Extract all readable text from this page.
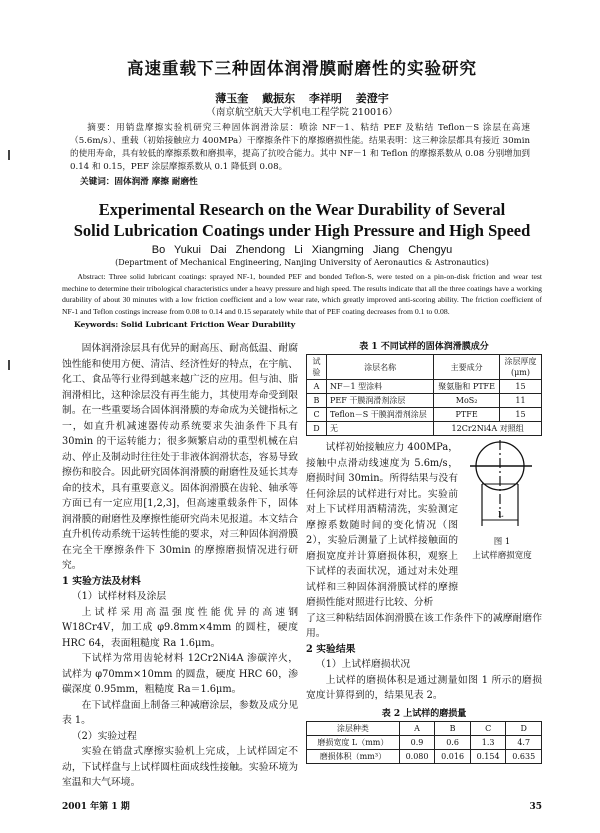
高速重载下三种固体润滑膜耐磨性的实验研究
薄玉奎 戴振东 李祥明 姜澄宇
（南京航空航天大学机电工程学院 210016）
摘要：用销盘摩擦实验机研究三种固体润滑涂层：喷涂 NF－1、粘结 PEF 及粘结 Teflon－S 涂层在高速（5.6m/s）、重载（初始接触应力 400MPa）干摩擦条件下的摩擦磨损性能。结果表明：这三种涂层都具有接近 30min 的使用寿命，具有较低的摩擦系数和磨损率，提高了抗咬合能力。其中 NF－1 和 Teflon 的摩擦系数从 0.08 分别增加到 0.14 和 0.15，PEF 涂层摩擦系数从 0.1 降低到 0.08。
关键词：固体润滑 摩擦 耐磨性
Experimental Research on the Wear Durability of Several
Solid Lubrication Coatings under High Pressure and High Speed
Bo Yukui Dai Zhendong Li Xiangming Jiang Chengyu
(Department of Mechanical Engineering, Nanjing University of Aeronautics & Astronautics)
Abstract: Three solid lubricant coatings: sprayed NF-1, bounded PEF and bonded Teflon-S, were tested on a pin-on-disk friction and wear test mechine to determine their tribological characteristics under a heavy pressure and high speed. The results indicate that all the three coatings have a working durability of about 30 minutes with a low friction coefficient and a low wear rate, which greatly improved anti-scoring ability. The friction coefficient of NF-1 and Teflon costings increase from 0.08 to 0.14 and 0.15 separately while that of PEF coating decreases from 0.1 to 0.08.
Keywords: Solid Lubricant Friction Wear Durability

固体润滑涂层具有优异的耐高压、耐高低温、耐腐蚀性能和使用方便、清洁、经济性好的特点，在宇航、化工、食品等行业得到越来越广泛的应用。但与油、脂润滑相比，这种涂层没有再生能力，其使用寿命受到限制。在一些重要场合固体润滑膜的寿命成为关键指标之一，如直升机减速器传动系统要求失油条件下具有 30min 的干运转能力；很多频繁启动的重型机械在启动、停止及制动时往往处于非液体润滑状态，容易导致擦伤和胶合。因此研究固体润滑膜的耐磨性及延长其寿命的技术，具有重要意义。固体润滑膜在齿轮、轴承等方面已有一定应用[1,2,3]，但高速重载条件下，固体润滑膜的耐磨性及摩擦性能研究尚未见报道。本文结合直升机传动系统干运转性能的要求，对三种固体润滑膜在完全干摩擦条件下 30min 的摩擦磨损情况进行研究。

1 实验方法及材料

（1）试样材料及涂层

上试样采用高温强度性能优异的高速钢 W18Cr4V，加工成 φ9.8mm×4mm 的圆柱，硬度 HRC 64，表面粗糙度 Ra 1.6μm。

下试样为常用齿轮材料 12Cr2Ni4A 渗碳淬火，试样为 φ70mm×10mm 的圆盘，硬度 HRC 60，渗碳深度 0.95mm，粗糙度 Ra＝1.6μm。

在下试样盘面上制备三种减磨涂层，参数及成分见表 1。

（2）实验过程

实验在销盘式摩擦实验机上完成，上试样固定不动，下试样盘与上试样圆柱面成线性接触。实验环境为室温和大气环境。

表 1 不同试样的固体润滑膜成分
试验	涂层名称	主要成分	涂层厚度(μm)
A	NF－1 型涂料	聚氨脂和 PTFE	15
B	PEF 干膜润滑剂涂层	MoS₂	11
C	Teflon－S 干膜润滑剂涂层	PTFE	15
D	无	12Cr2Ni4A 对照组	

试样初始接触应力 400MPa，接触中点滑动线速度为 5.6m/s，磨损时间 30min。所得结果与没有任何涂层的试样进行对比。实验前对上下试样用酒精清洗，实验测定摩擦系数随时间的变化情况（图 2），实验后测量了上试样接触面的磨损宽度并计算磨损体积，观察上下试样的表面状况，通过对未处理试样和三种固体润滑膜试样的摩擦磨损性能对照进行比较、分析

L
图 1
上试样磨损宽度

了这三种粘结固体润滑膜在该工作条件下的减摩耐磨作用。

2 实验结果

（1）上试样磨损状况

上试样的磨损体积是通过测量如图 1 所示的磨损宽度计算得到的，结果见表 2。

表 2 上试样的磨损量
涂层种类	A	B	C	D
磨损宽度 L（mm）	0.9	0.6	1.3	4.7
磨损体积（mm³）	0.080	0.016	0.154	0.635
2001 年第 1 期	35
